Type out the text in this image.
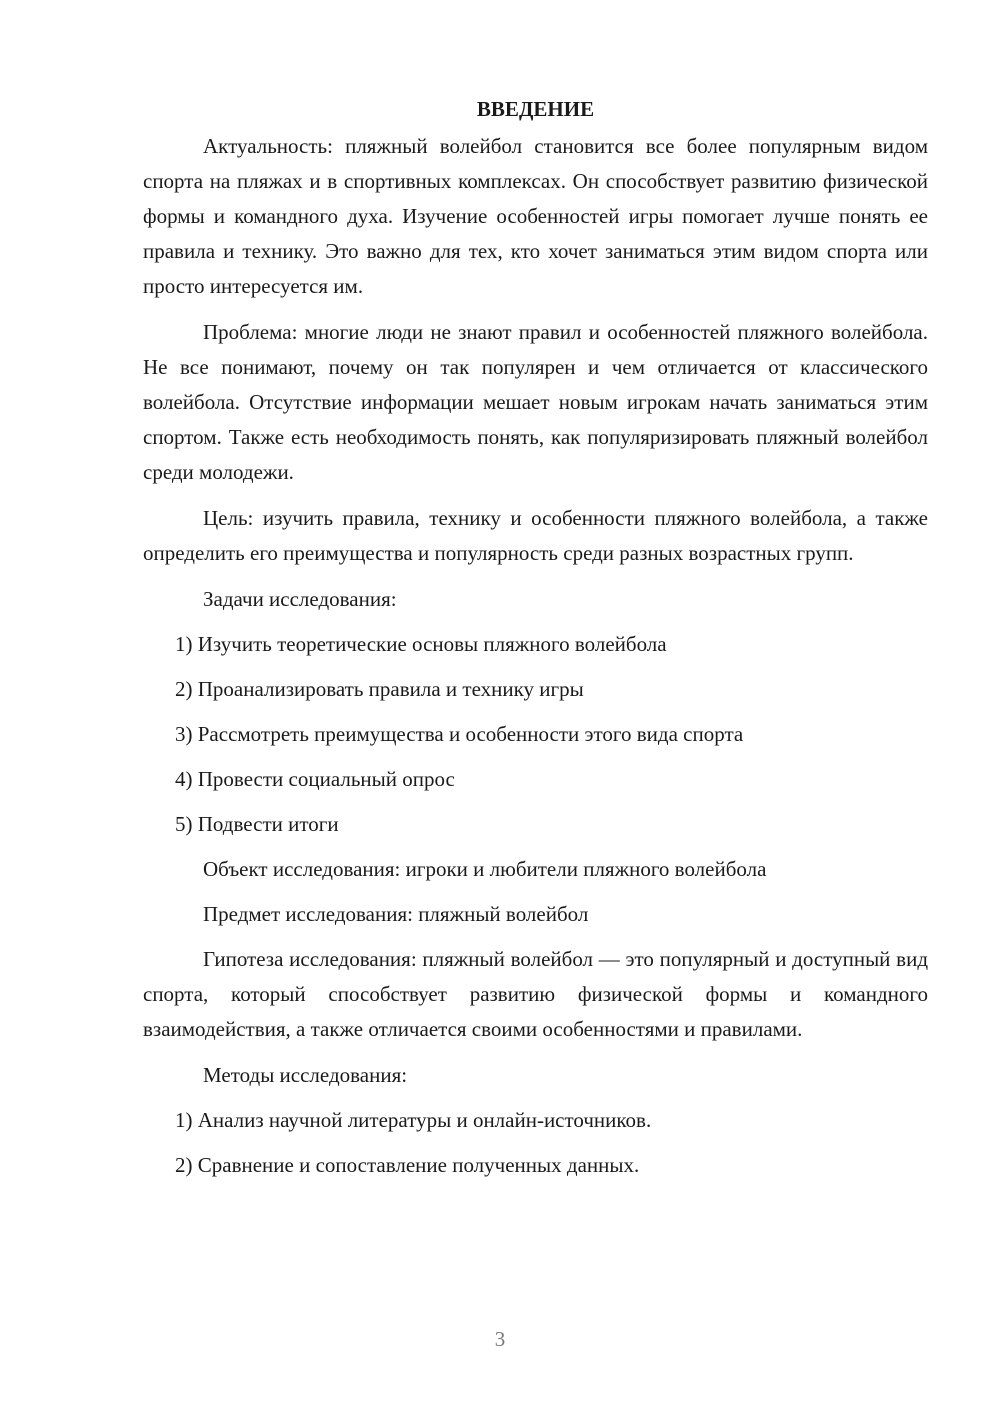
ВВЕДЕНИЕ

Актуальность: пляжный волейбол становится все более популярным видом спорта на пляжах и в спортивных комплексах. Он способствует развитию физической формы и командного духа. Изучение особенностей игры помогает лучше понять ее правила и технику. Это важно для тех, кто хочет заниматься этим видом спорта или просто интересуется им.

Проблема: многие люди не знают правил и особенностей пляжного волейбола. Не все понимают, почему он так популярен и чем отличается от классического волейбола. Отсутствие информации мешает новым игрокам начать заниматься этим спортом. Также есть необходимость понять, как популяризировать пляжный волейбол среди молодежи.

Цель: изучить правила, технику и особенности пляжного волейбола, а также определить его преимущества и популярность среди разных возрастных групп.

Задачи исследования:

1) Изучить теоретические основы пляжного волейбола

2) Проанализировать правила и технику игры

3) Рассмотреть преимущества и особенности этого вида спорта

4) Провести социальный опрос

5) Подвести итоги

Объект исследования: игроки и любители пляжного волейбола

Предмет исследования: пляжный волейбол

Гипотеза исследования: пляжный волейбол — это популярный и доступный вид спорта, который способствует развитию физической формы и командного взаимодействия, а также отличается своими особенностями и правилами.

Методы исследования:

1) Анализ научной литературы и онлайн-источников.

2) Сравнение и сопоставление полученных данных.

3
